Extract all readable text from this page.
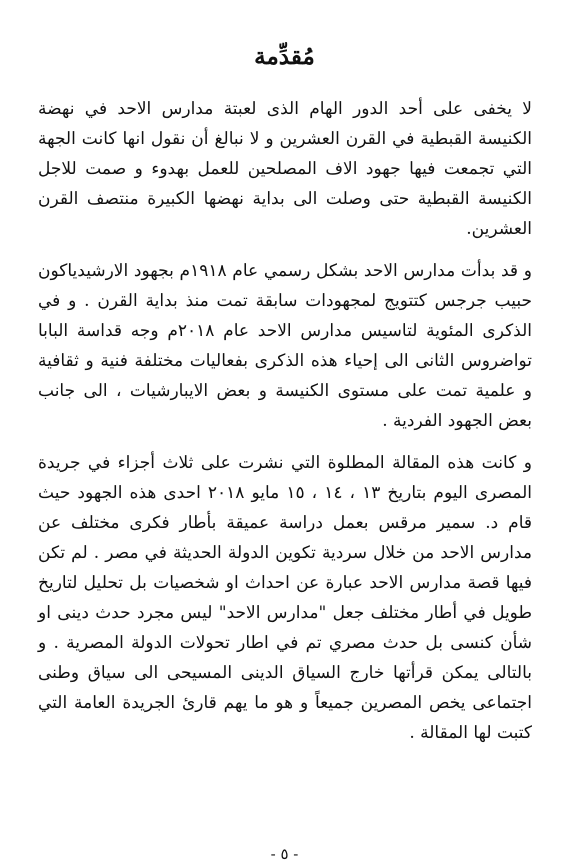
مُقدِّمة

لا يخفى على أحد الدور الهام الذى لعبتة مدارس الاحد في نهضة الكنيسة القبطية في القرن العشرين و لا نبالغ أن نقول انها كانت الجهة التي تجمعت فيها جهود الاف المصلحين للعمل بهدوء و صمت للاجل الكنيسة القبطية حتى وصلت الى بداية نهضها الكبيرة منتصف القرن العشرين.

و قد بدأت مدارس الاحد بشكل رسمي عام ١٩١٨م بجهود الارشيدياكون حبيب جرجس كتتويج لمجهودات سابقة تمت منذ بداية القرن . و في الذكرى المئوية لتاسيس مدارس الاحد عام ٢٠١٨م وجه قداسة البابا تواضروس الثانى الى إحياء هذه الذكرى بفعاليات مختلفة فنية و ثقافية و علمية تمت على مستوى الكنيسة و بعض الايبارشيات ، الى جانب بعض الجهود الفردية .

و كانت هذه المقالة المطلوة التي نشرت على ثلاث أجزاء في جريدة المصرى اليوم بتاريخ ١٣ ، ١٤ ، ١٥ مايو ٢٠١٨ احدى هذه الجهود حيث قام د. سمير مرقس بعمل دراسة عميقة بأطار فكرى مختلف عن مدارس الاحد من خلال سردية تكوين الدولة الحديثة في مصر . لم تكن فيها قصة مدارس الاحد عبارة عن احداث او شخصيات بل تحليل لتاريخ طويل في أطار مختلف جعل "مدارس الاحد" ليس مجرد حدث دينى او شأن كنسى بل حدث مصري تم في اطار تحولات الدولة المصرية . و بالتالى يمكن قرأتها خارج السياق الدينى المسيحى الى سياق وطنى اجتماعى يخص المصرين جميعاً و هو ما يهم قارئ الجريدة العامة التي كتبت لها المقالة .

- ٥ -
